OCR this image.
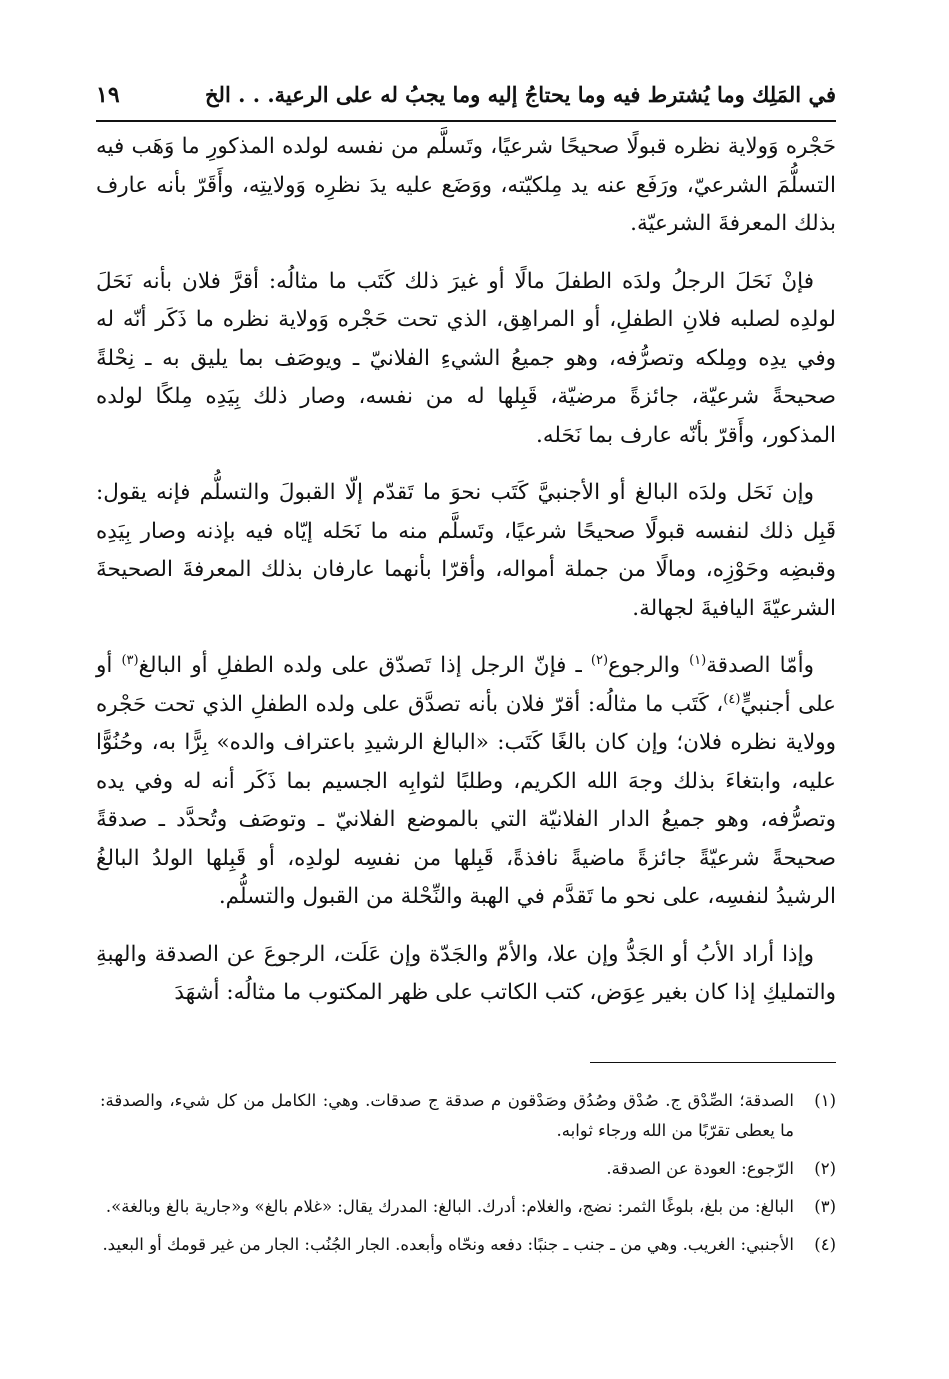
في المَلِك وما يُشترط فيه وما يحتاجُ إليه وما يجبُ له على الرعية. . . الخ
١٩

حَجْره وَولاية نظره قبولًا صحيحًا شرعيًا، وتَسلَّم من نفسه لولده المذكورِ ما وَهَب فيه التسلُّمَ الشرعيّ، ورَفَع عنه يد مِلكيّته، ووَضَع عليه يدَ نظرِه وَولايتِه، وأَقَرّ بأنه عارف بذلك المعرفةَ الشرعيّة.

فإنْ نَحَلَ الرجلُ ولدَه الطفلَ مالًا أو غيرَ ذلك كَتَب ما مثالُه: أقرَّ فلان بأنه نَحَلَ لولدِه لصلبه فلانِ الطفلِ، أو المراهِق، الذي تحت حَجْره وَولاية نظره ما ذَكَر أنّه له وفي يدِه ومِلكه وتصرُّفه، وهو جميعُ الشيءِ الفلانيّ ـ ويوصَف بما يليق به ـ نِحْلةً صحيحةً شرعيّة، جائزةً مرضيّة، قَبِلها له من نفسه، وصار ذلك بِيَدِه مِلكًا لولده المذكور، وأَقرّ بأنّه عارف بما نَحَله.

وإن نَحَل ولدَه البالغ أو الأجنبيَّ كَتَب نحوَ ما تَقدّم إلّا القبولَ والتسلُّم فإنه يقول: قَبِل ذلك لنفسه قبولًا صحيحًا شرعيًا، وتَسلَّم منه ما نَحَله إيّاه فيه بإذنه وصار بِيَدِه وقبضِه وحَوْزِه، ومالًا من جملة أمواله، وأقرّا بأنهما عارفان بذلك المعرفةَ الصحيحةَ الشرعيّةَ اليافيةَ لجهالة.

وأمّا الصدقة$^{(١)}$ والرجوع$^{(٢)}$ ـ فإنّ الرجل إذا تَصدّق على ولده الطفلِ أو البالغ$^{(٣)}$ أو على أجنبيٍّ$^{(٤)}$، كَتَب ما مثالُه: أقرّ فلان بأنه تصدَّق على ولده الطفلِ الذي تحت حَجْره وولاية نظره فلان؛ وإن كان بالغًا كَتَب: «البالغ الرشيدِ باعتراف والده» بِرًّا به، وحُنُوًّا عليه، وابتغاءَ بذلك وجهَ الله الكريم، وطلبًا لثوابِه الجسيم بما ذَكَر أنه له وفي يده وتصرُّفه، وهو جميعُ الدار الفلانيّة التي بالموضع الفلانيّ ـ وتوصَف وتُحدَّد ـ صدقةً صحيحةً شرعيّةً جائزةً ماضيةً نافذةً، قَبِلها من نفسِه لولدِه، أو قَبِلها الولدُ البالغُ الرشيدُ لنفسِه، على نحو ما تَقدَّم في الهبة والنِّحْلة من القبول والتسلُّم.

وإذا أراد الأبُ أو الجَدُّ وإن علا، والأمّ والجَدّة وإن عَلَت، الرجوعَ عن الصدقة والهبةِ والتمليكِ إذا كان بغير عِوَض، كتب الكاتب على ظهر المكتوب ما مثالُه: أشهَدَ

(١)
الصدقة؛ الصِّدْق ج. صُدْق وصُدُق وصَدْقون م صدقة ج صدقات. وهي: الكامل من كل شيء، والصدقة: ما يعطى تقرّبًا من الله ورجاء ثوابه.
(٢)
الرّجوع: العودة عن الصدقة.
(٣)
البالغ: من بلغ، بلوغًا الثمر: نضج، والغلام: أدرك. البالغ: المدرك يقال: «غلام بالغ» و«جارية بالغ وبالغة».
(٤)
الأجنبي: الغريب. وهي من ـ جنب ـ جنبًا: دفعه ونحّاه وأبعده. الجار الجُنُب: الجار من غير قومك أو البعيد.
